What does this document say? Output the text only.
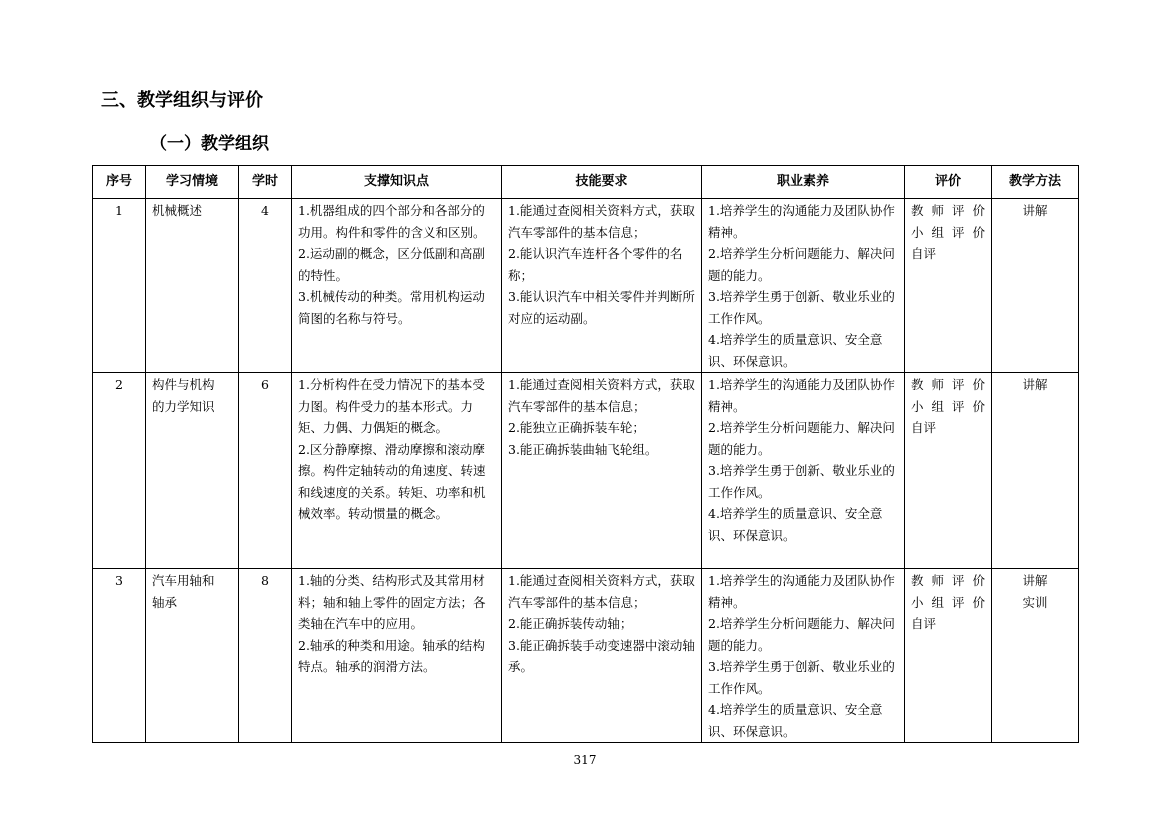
三、教学组织与评价
（一）教学组织
序号	学习情境	学时	支撑知识点	技能要求	职业素养	评价	教学方法
1	机械概述	4	1.机器组成的四个部分和各部分的功用。构件和零件的含义和区别。
2.运动副的概念，区分低副和高副的特性。
3.机械传动的种类。常用机构运动简图的名称与符号。	1.能通过查阅相关资料方式，获取汽车零部件的基本信息；
2.能认识汽车连杆各个零件的名称；
3.能认识汽车中相关零件并判断所对应的运动副。	1.培养学生的沟通能力及团队协作精神。
2.培养学生分析问题能力、解决问题的能力。
3.培养学生勇于创新、敬业乐业的工作作风。
4.培养学生的质量意识、安全意识、环保意识。	教师评价
小组评价
自评	讲解

2	构件与机构
的力学知识	6	1.分析构件在受力情况下的基本受力图。构件受力的基本形式。力矩、力偶、力偶矩的概念。
2.区分静摩擦、滑动摩擦和滚动摩擦。构件定轴转动的角速度、转速和线速度的关系。转矩、功率和机械效率。转动惯量的概念。	1.能通过查阅相关资料方式，获取汽车零部件的基本信息；
2.能独立正确拆装车轮；
3.能正确拆装曲轴飞轮组。	1.培养学生的沟通能力及团队协作精神。
2.培养学生分析问题能力、解决问题的能力。
3.培养学生勇于创新、敬业乐业的工作作风。
4.培养学生的质量意识、安全意识、环保意识。	教师评价
小组评价
自评	讲解

3	汽车用轴和
轴承	8	1.轴的分类、结构形式及其常用材料；轴和轴上零件的固定方法；各类轴在汽车中的应用。
2.轴承的种类和用途。轴承的结构特点。轴承的润滑方法。	1.能通过查阅相关资料方式，获取汽车零部件的基本信息；
2.能正确拆装传动轴；
3.能正确拆装手动变速器中滚动轴承。	1.培养学生的沟通能力及团队协作精神。
2.培养学生分析问题能力、解决问题的能力。
3.培养学生勇于创新、敬业乐业的工作作风。
4.培养学生的质量意识、安全意识、环保意识。	教师评价
小组评价
自评	讲解
实训
317
